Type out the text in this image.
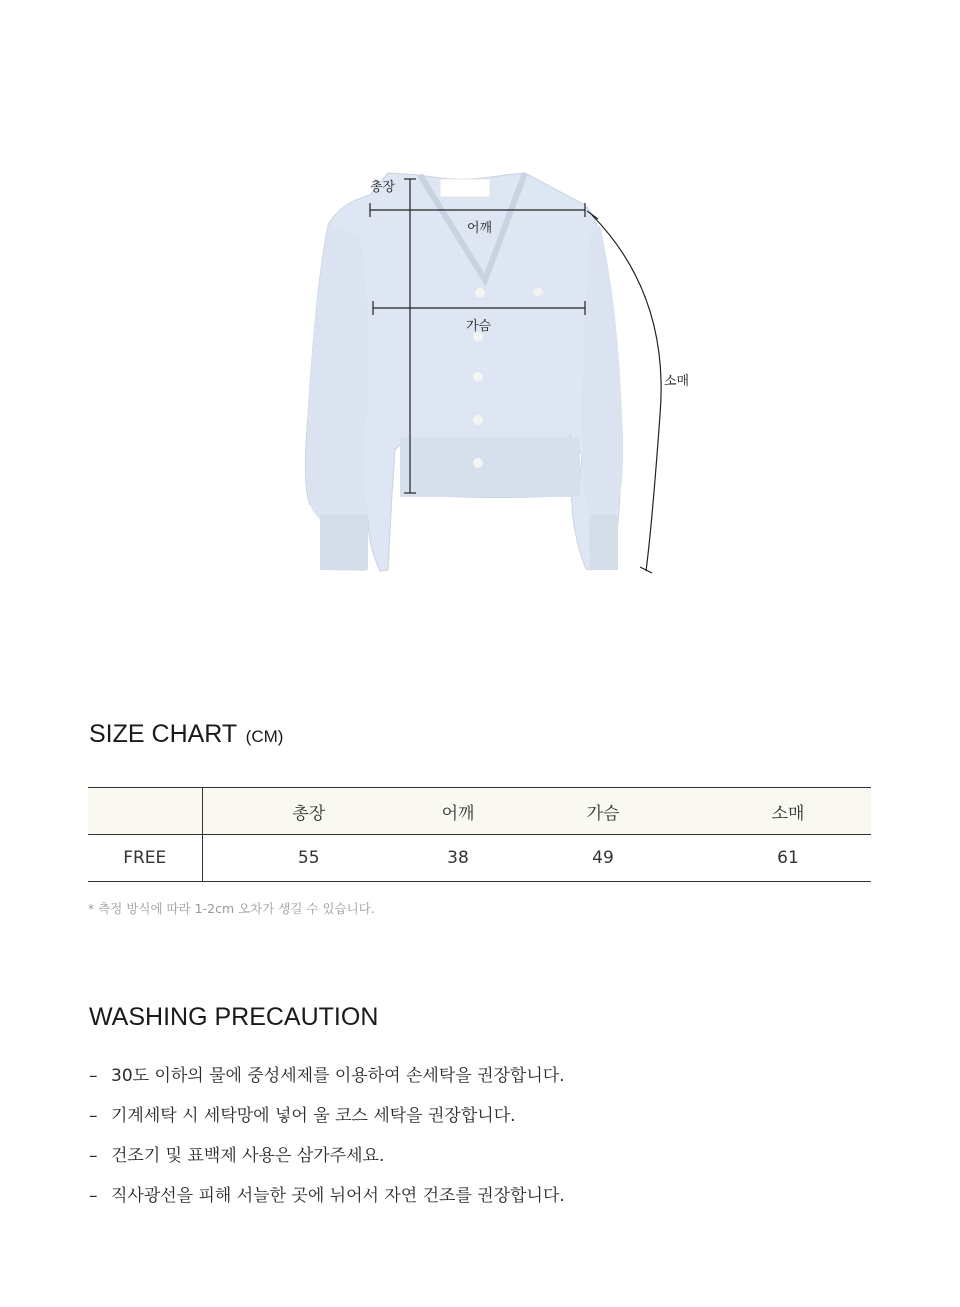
총장
어깨
가슴
소매
SIZE CHART (CM)
	총장	어깨	가슴	소매
FREE	55	38	49	61
* 측정 방식에 따라 1-2cm 오차가 생길 수 있습니다.
WASHING PRECAUTION
– 30도 이하의 물에 중성세제를 이용하여 손세탁을 권장합니다.
– 기계세탁 시 세탁망에 넣어 울 코스 세탁을 권장합니다.
– 건조기 및 표백제 사용은 삼가주세요.
– 직사광선을 피해 서늘한 곳에 뉘어서 자연 건조를 권장합니다.
